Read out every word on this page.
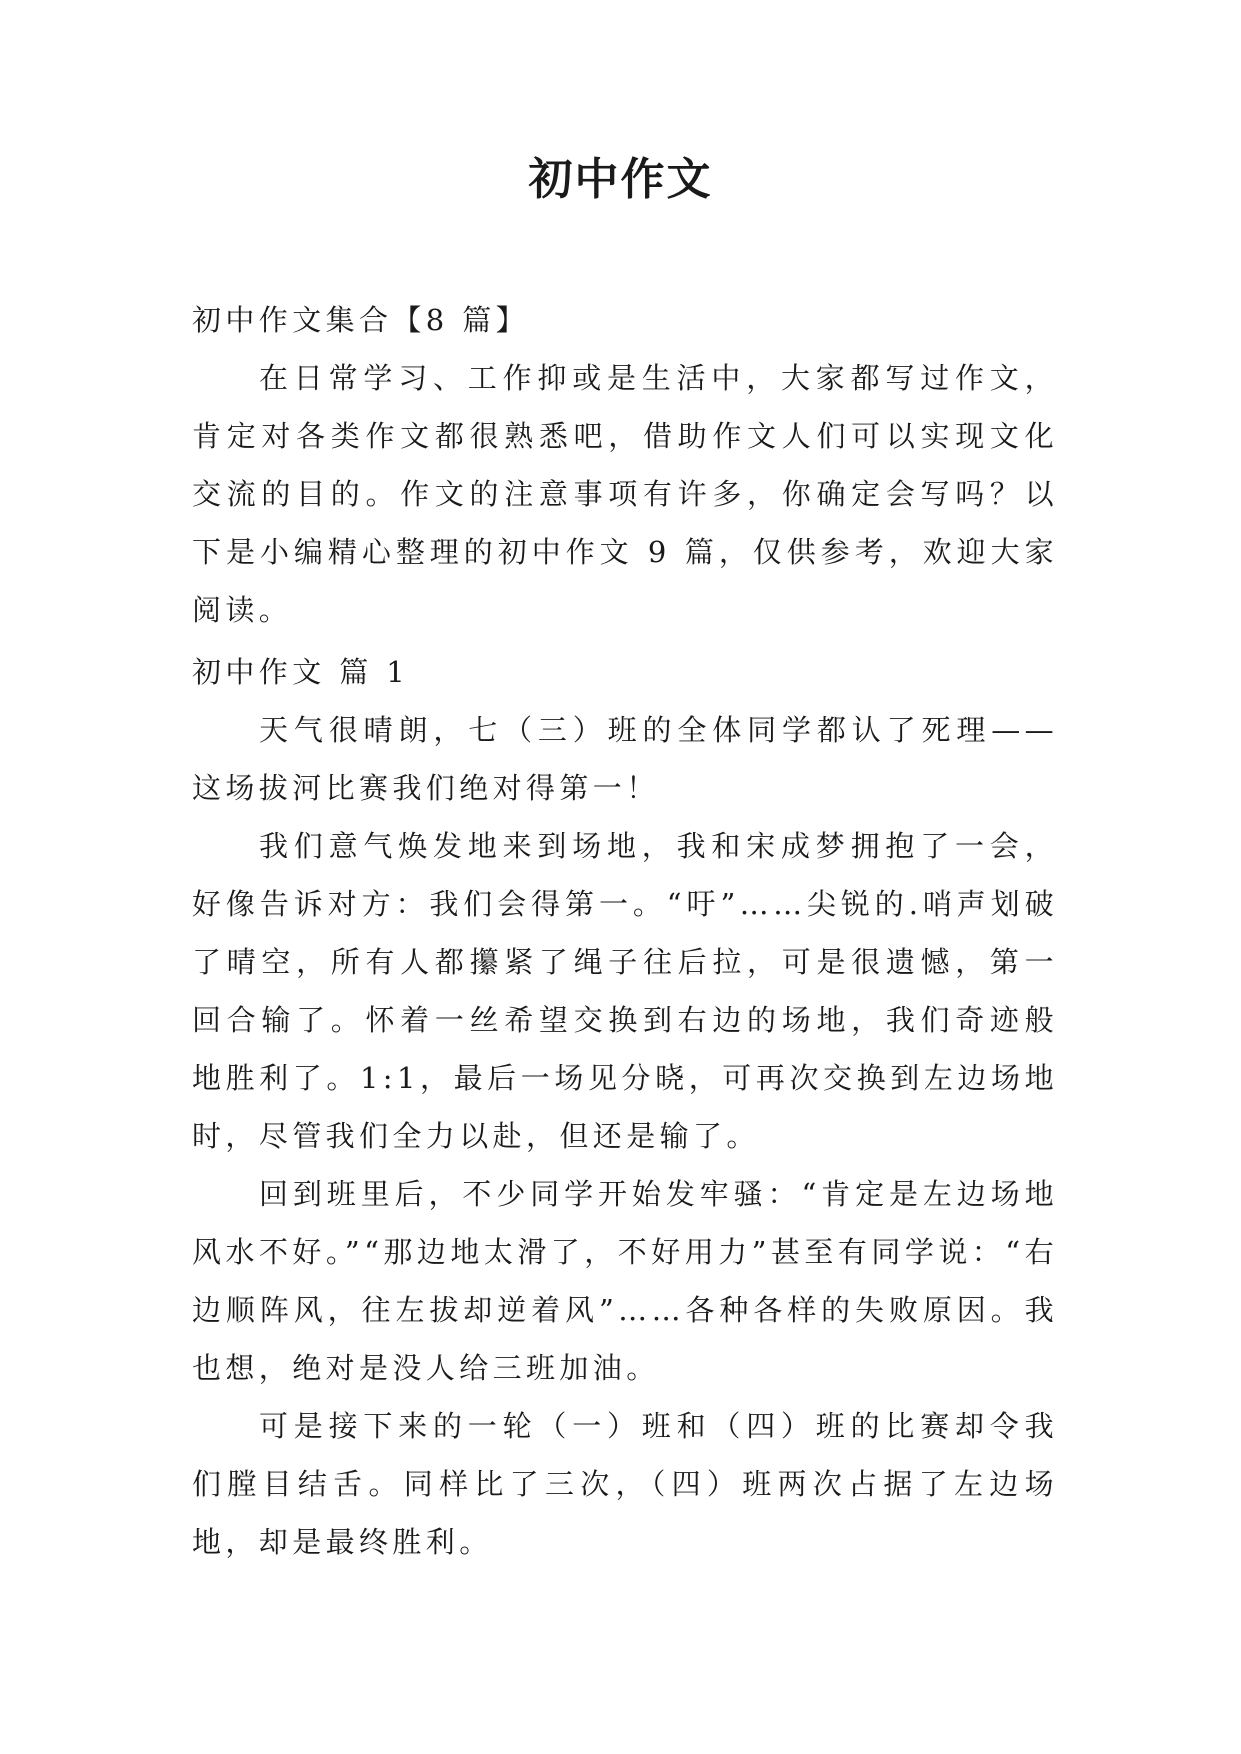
初中作文

初中作文集合【8 篇】

在日常学习、工作抑或是生活中，大家都写过作文，肯定对各类作文都很熟悉吧，借助作文人们可以实现文化交流的目的。作文的注意事项有许多，你确定会写吗？以下是小编精心整理的初中作文 9 篇，仅供参考，欢迎大家阅读。

初中作文 篇 1

天气很晴朗，七（三）班的全体同学都认了死理——这场拔河比赛我们绝对得第一！

我们意气焕发地来到场地，我和宋成梦拥抱了一会，好像告诉对方：我们会得第一。“吁”……尖锐的.哨声划破了晴空，所有人都攥紧了绳子往后拉，可是很遗憾，第一回合输了。怀着一丝希望交换到右边的场地，我们奇迹般地胜利了。1:1，最后一场见分晓，可再次交换到左边场地时，尽管我们全力以赴，但还是输了。

回到班里后，不少同学开始发牢骚：“肯定是左边场地风水不好。”“那边地太滑了，不好用力”甚至有同学说：“右边顺阵风，往左拔却逆着风”……各种各样的失败原因。我也想，绝对是没人给三班加油。

可是接下来的一轮（一）班和（四）班的比赛却令我们膛目结舌。同样比了三次，（四）班两次占据了左边场地，却是最终胜利。
